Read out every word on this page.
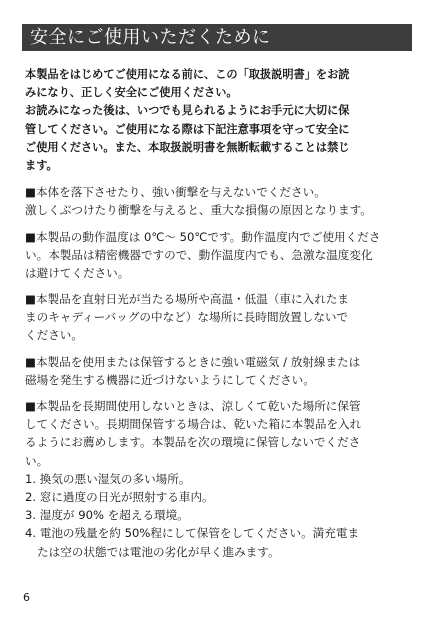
安全にご使用いただくために
本製品をはじめてご使用になる前に、この「取扱説明書」をお読
みになり、正しく安全にご使用ください。
お読みになった後は、いつでも見られるようにお手元に大切に保
管してください。ご使用になる際は下記注意事項を守って安全に
ご使用ください。また、本取扱説明書を無断転載することは禁じ
ます。
■本体を落下させたり、強い衝撃を与えないでください。
激しくぶつけたり衝撃を与えると、重大な損傷の原因となります。
■本製品の動作温度は 0℃～ 50℃です。動作温度内でご使用くださ
い。本製品は精密機器ですので、動作温度内でも、急激な温度変化
は避けてください。
■本製品を直射日光が当たる場所や高温・低温（車に入れたま
まのキャディーバッグの中など）な場所に長時間放置しないで
ください。
■本製品を使用または保管するときに強い電磁気 / 放射線または
磁場を発生する機器に近づけないようにしてください。
■本製品を長期間使用しないときは、涼しくて乾いた場所に保管
してください。長期間保管する場合は、乾いた箱に本製品を入れ
るようにお薦めします。本製品を次の環境に保管しないでくださ
い。
1. 換気の悪い湿気の多い場所。
2. 窓に過度の日光が照射する車内。
3. 湿度が 90% を超える環境。
4. 電池の残量を約 50%程にして保管をしてください。満充電ま
たは空の状態では電池の劣化が早く進みます。
6
